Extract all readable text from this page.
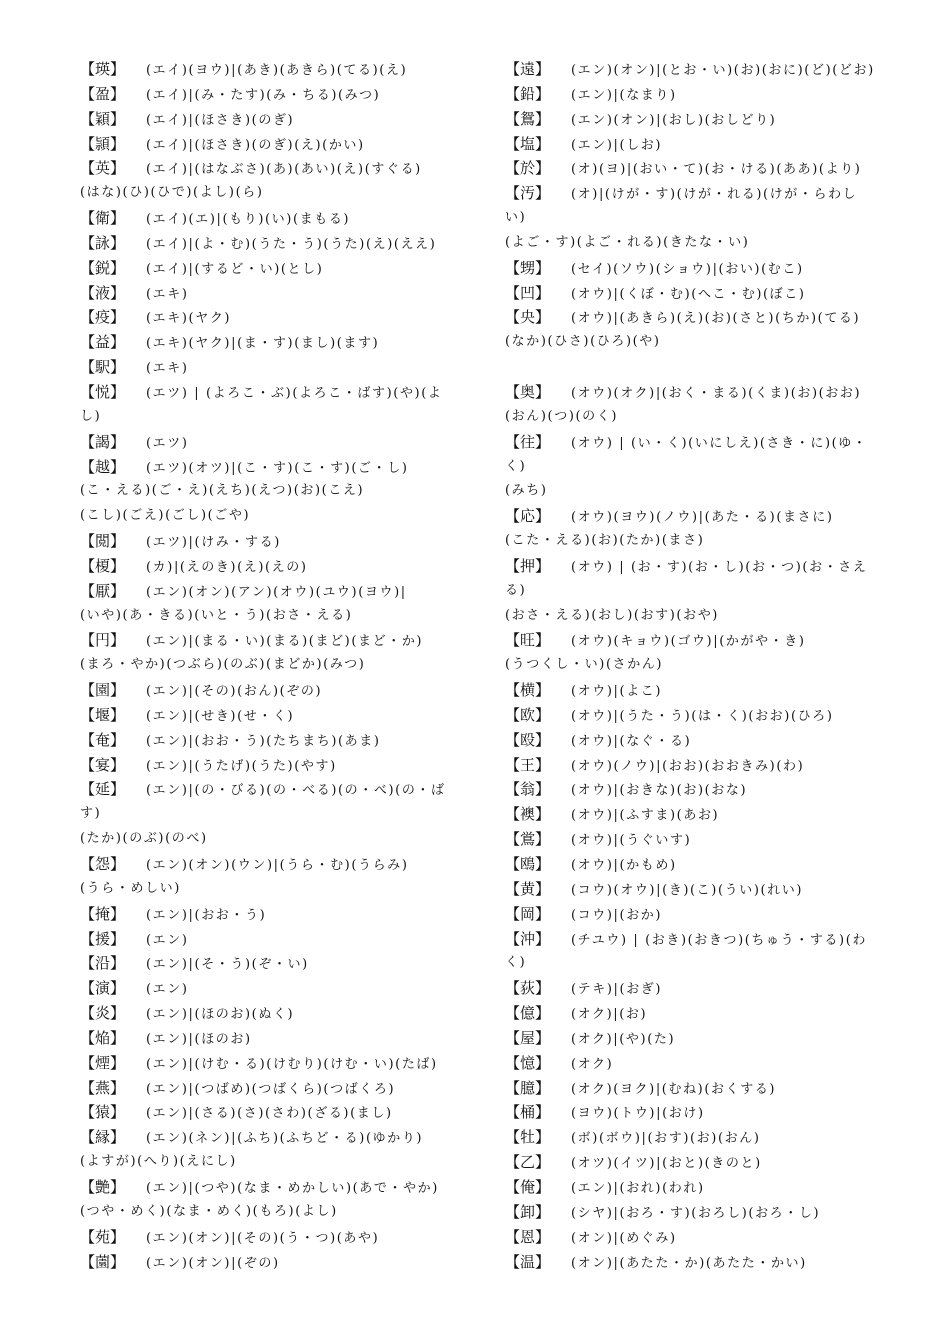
【瑛】 (エイ)(ヨウ)|(あき)(あきら)(てる)(え)
【盈】 (エイ)|(み・たす)(み・ちる)(みつ)
【穎】 (エイ)|(ほさき)(のぎ)
【頴】 (エイ)|(ほさき)(のぎ)(え)(かい)
【英】 (エイ)|(はなぶさ)(あ)(あい)(え)(すぐる)
(はな)(ひ)(ひで)(よし)(ら)
【衛】 (エイ)(エ)|(もり)(い)(まもる)
【詠】 (エイ)|(よ・む)(うた・う)(うた)(え)(ええ)
【鋭】 (エイ)|(するど・い)(とし)
【液】 (エキ)
【疫】 (エキ)(ヤク)
【益】 (エキ)(ヤク)|(ま・す)(まし)(ます)
【駅】 (エキ)
【悦】 (エツ) | (よろこ・ぶ)(よろこ・ばす)(や)(よ
し)
【謁】 (エツ)
【越】 (エツ)(オツ)|(こ・す)(こ・す)(ご・し)
(こ・える)(ご・え)(えち)(えつ)(お)(こえ)
(こし)(ごえ)(ごし)(ごや)
【閲】 (エツ)|(けみ・する)
【榎】 (カ)|(えのき)(え)(えの)
【厭】 (エン)(オン)(アン)(オウ)(ユウ)(ヨウ)|
(いや)(あ・きる)(いと・う)(おさ・える)
【円】 (エン)|(まる・い)(まる)(まど)(まど・か)
(まろ・やか)(つぶら)(のぶ)(まどか)(みつ)
【園】 (エン)|(その)(おん)(ぞの)
【堰】 (エン)|(せき)(せ・く)
【奄】 (エン)|(おお・う)(たちまち)(あま)
【宴】 (エン)|(うたげ)(うた)(やす)
【延】 (エン)|(の・びる)(の・べる)(の・べ)(の・ば
す)
(たか)(のぶ)(のべ)
【怨】 (エン)(オン)(ウン)|(うら・む)(うらみ)
(うら・めしい)
【掩】 (エン)|(おお・う)
【援】 (エン)
【沿】 (エン)|(そ・う)(ぞ・い)
【演】 (エン)
【炎】 (エン)|(ほのお)(ぬく)
【焔】 (エン)|(ほのお)
【煙】 (エン)|(けむ・る)(けむり)(けむ・い)(たば)
【燕】 (エン)|(つばめ)(つばくら)(つばくろ)
【猿】 (エン)|(さる)(さ)(さわ)(ざる)(まし)
【縁】 (エン)(ネン)|(ふち)(ふちど・る)(ゆかり)
(よすが)(へり)(えにし)
【艶】 (エン)|(つや)(なま・めかしい)(あで・やか)
(つや・めく)(なま・めく)(もろ)(よし)
【苑】 (エン)(オン)|(その)(う・つ)(あや)
【薗】 (エン)(オン)|(ぞの)
【遠】 (エン)(オン)|(とお・い)(お)(おに)(ど)(どお)
【鉛】 (エン)|(なまり)
【鴛】 (エン)(オン)|(おし)(おしどり)
【塩】 (エン)|(しお)
【於】 (オ)(ヨ)|(おい・て)(お・ける)(ああ)(より)
【汚】 (オ)|(けが・す)(けが・れる)(けが・らわし
い)
(よご・す)(よご・れる)(きたな・い)
【甥】 (セイ)(ソウ)(ショウ)|(おい)(むこ)
【凹】 (オウ)|(くぼ・む)(へこ・む)(ぼこ)
【央】 (オウ)|(あきら)(え)(お)(さと)(ちか)(てる)
(なか)(ひさ)(ひろ)(や)
【奥】 (オウ)(オク)|(おく・まる)(くま)(お)(おお)
(おん)(つ)(のく)
【往】 (オウ) | (い・く)(いにしえ)(さき・に)(ゆ・
く)
(みち)
【応】 (オウ)(ヨウ)(ノウ)|(あた・る)(まさに)
(こた・える)(お)(たか)(まさ)
【押】 (オウ) | (お・す)(お・し)(お・つ)(お・さえ
る)
(おさ・える)(おし)(おす)(おや)
【旺】 (オウ)(キョウ)(ゴウ)|(かがや・き)
(うつくし・い)(さかん)
【横】 (オウ)|(よこ)
【欧】 (オウ)|(うた・う)(は・く)(おお)(ひろ)
【殴】 (オウ)|(なぐ・る)
【王】 (オウ)(ノウ)|(おお)(おおきみ)(わ)
【翁】 (オウ)|(おきな)(お)(おな)
【襖】 (オウ)|(ふすま)(あお)
【鴬】 (オウ)|(うぐいす)
【鴎】 (オウ)|(かもめ)
【黄】 (コウ)(オウ)|(き)(こ)(うい)(れい)
【岡】 (コウ)|(おか)
【沖】 (チユウ) | (おき)(おきつ)(ちゅう・する)(わ
く)
【荻】 (テキ)|(おぎ)
【億】 (オク)|(お)
【屋】 (オク)|(や)(た)
【憶】 (オク)
【臆】 (オク)(ヨク)|(むね)(おくする)
【桶】 (ヨウ)(トウ)|(おけ)
【牡】 (ボ)(ボウ)|(おす)(お)(おん)
【乙】 (オツ)(イツ)|(おと)(きのと)
【俺】 (エン)|(おれ)(われ)
【卸】 (シヤ)|(おろ・す)(おろし)(おろ・し)
【恩】 (オン)|(めぐみ)
【温】 (オン)|(あたた・か)(あたた・かい)
